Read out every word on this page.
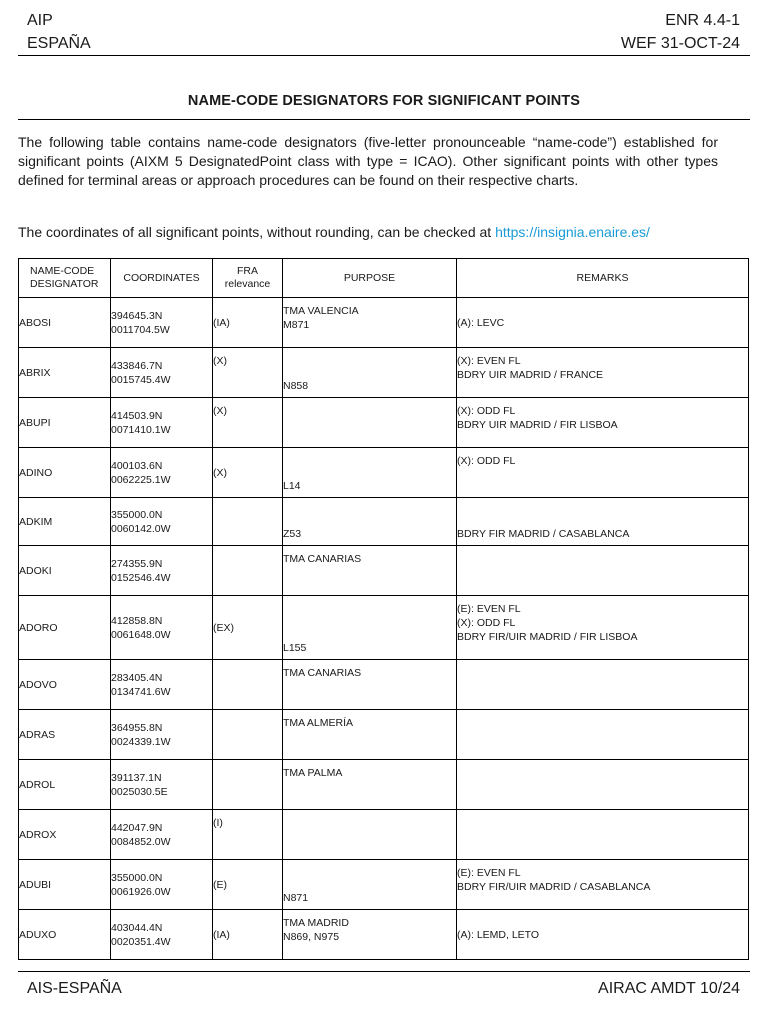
AIP
ESPAÑA
ENR 4.4-1
WEF 31-OCT-24
NAME-CODE DESIGNATORS FOR SIGNIFICANT POINTS

The following table contains name-code designators (five-letter pronounceable “name-code”) established for significant points (AIXM 5 DesignatedPoint class with type = ICAO). Other significant points with other types defined for terminal areas or approach procedures can be found on their respective charts.

The coordinates of all significant points, without rounding, can be checked at https://insignia.enaire.es/

NAME-CODE
DESIGNATOR	COORDINATES	FRA
relevance	PURPOSE	REMARKS
ABOSI	394645.3N
0011704.5W	(IA)	TMA VALENCIA
M871	(A): LEVC

ABRIX	433846.7N
0015745.4W	(X)	N858	(X): EVEN FL
BDRY UIR MADRID / FRANCE

ABUPI	414503.9N
0071410.1W	(X)		(X): ODD FL
BDRY UIR MADRID / FIR LISBOA

ADINO	400103.6N
0062225.1W	(X)	L14	(X): ODD FL

ADKIM	355000.0N
0060142.0W		Z53	BDRY FIR MADRID / CASABLANCA

ADOKI	274355.9N
0152546.4W		TMA CANARIAS	

ADORO	412858.8N
0061648.0W	(EX)	L155	(E): EVEN FL
(X): ODD FL
BDRY FIR/UIR MADRID / FIR LISBOA

ADOVO	283405.4N
0134741.6W		TMA CANARIAS	

ADRAS	364955.8N
0024339.1W		TMA ALMERÍA	

ADROL	391137.1N
0025030.5E		TMA PALMA	

ADROX	442047.9N
0084852.0W	(I)		
ADUBI	355000.0N
0061926.0W	(E)	N871	(E): EVEN FL
BDRY FIR/UIR MADRID / CASABLANCA

ADUXO	403044.4N
0020351.4W	(IA)	TMA MADRID
N869, N975	(A): LEMD, LETO
AIS-ESPAÑA	AIRAC AMDT 10/24
